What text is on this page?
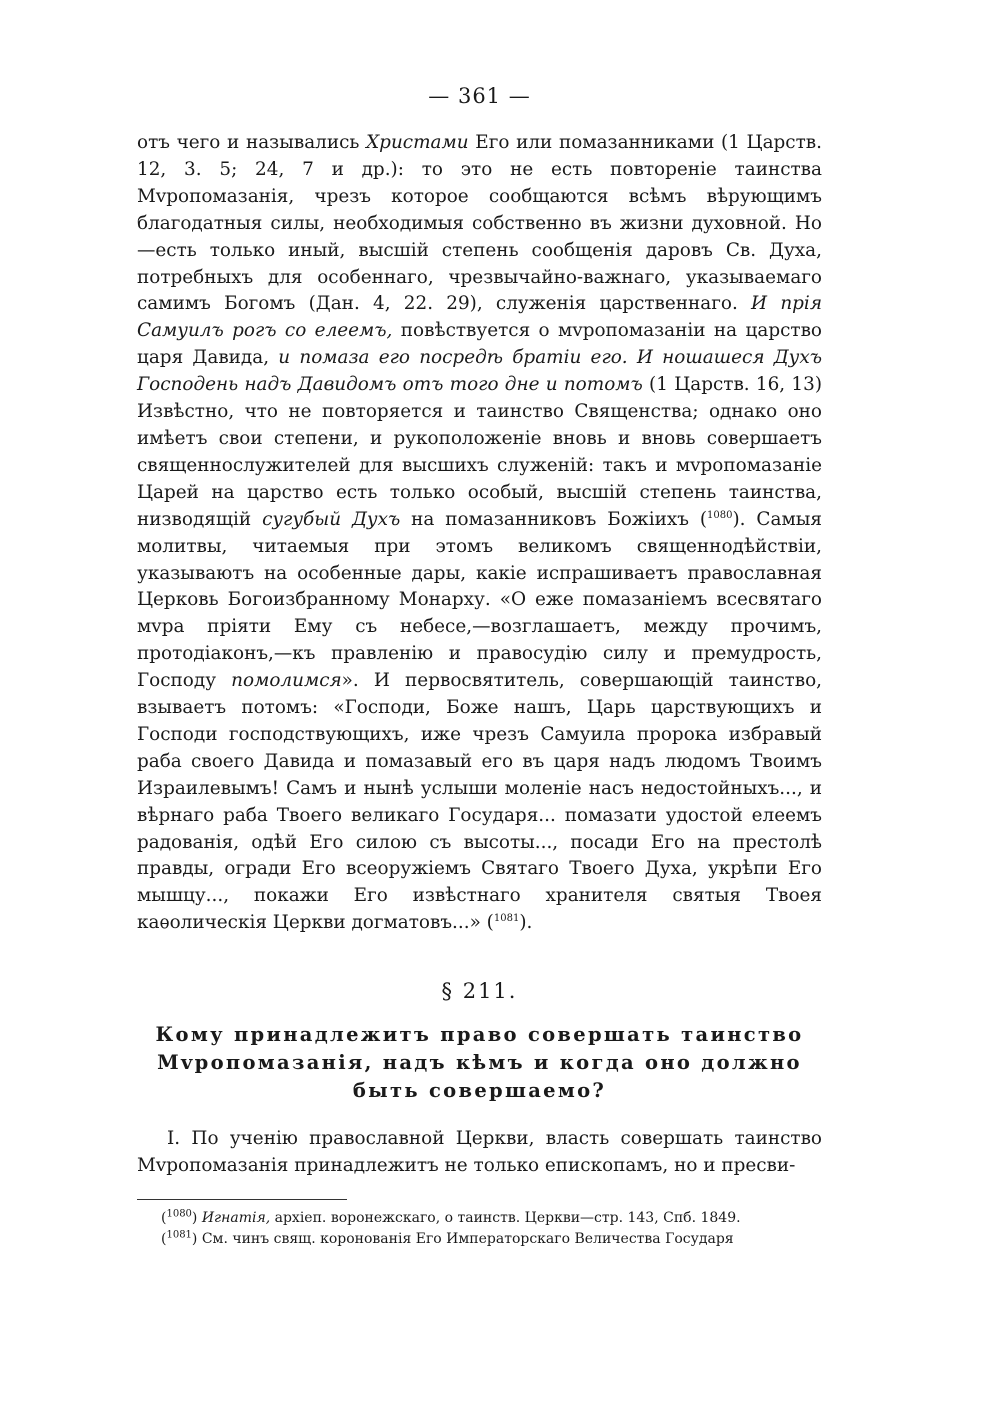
— 361 —

отъ чего и назывались Христами Его или помазанниками (1 Царств. 12, 3. 5; 24, 7 и др.): то это не есть повтореніе таинства Мvропомазанія, чрезъ которое сообщаются всѣмъ вѣрующимъ благодатныя силы, необходимыя собственно въ жизни духовной. Но—есть только иный, высшій степень сообщенія даровъ Св. Духа, потребныхъ для особеннаго, чрезвычайно-важнаго, указываемаго самимъ Богомъ (Дан. 4, 22. 29), служенія царственнаго. И прія Самуилъ рогъ со елеемъ, повѣствуется о мvропомазаніи на царство царя Давида, и помаза его посредѣ братіи его. И ношашеся Духъ Господень надъ Давидомъ отъ того дне и потомъ (1 Царств. 16, 13) Извѣстно, что не повторяется и таинство Священства; однако оно имѣетъ свои степени, и рукоположеніе вновь и вновь совершаетъ священнослужителей для высшихъ служеній: такъ и мvропомазаніе Царей на царство есть только особый, высшій степень таинства, низводящій сугубый Духъ на помазанниковъ Божіихъ ($^{1080}$). Самыя молитвы, читаемыя при этомъ великомъ священнодѣйствіи, указываютъ на особенные дары, какіе испрашиваетъ православная Церковь Богоизбранному Монарху. «О еже помазаніемъ всесвятаго мvра пріяти Ему съ небесе,—возглашаетъ, между прочимъ, протодіаконъ,—къ правленію и правосудію силу и премудрость, Господу помолимся». И первосвятитель, совершающій таинство, взываетъ потомъ: «Господи, Боже нашъ, Царь царствующихъ и Господи господствующихъ, иже чрезъ Самуила пророка избравый раба своего Давида и помазавый его въ царя надъ людомъ Твоимъ Израилевымъ! Самъ и нынѣ услыши моленіе насъ недостойныхъ..., и вѣрнаго раба Твоего великаго Государя... помазати удостой елеемъ радованія, одѣй Его силою съ высоты..., посади Его на престолѣ правды, огради Его всеоружіемъ Святаго Твоего Духа, укрѣпи Его мышцу..., покажи Его извѣстнаго хранителя святыя Твоея каѳолическія Церкви догматовъ...» ($^{1081}$).

§ 211.
Кому принадлежитъ право совершать таинство Мvропомазанія, надъ кѣмъ и когда оно должно быть совершаемо?

I. По ученію православной Церкви, власть совершать таинство Мvропомазанія принадлежитъ не только епископамъ, но и пресви-

($^{1080}$) Игнатія, архіеп. воронежскаго, о таинств. Церкви—стр. 143, Спб. 1849.

($^{1081}$) См. чинъ свящ. коронованія Его Императорскаго Величества Государя
